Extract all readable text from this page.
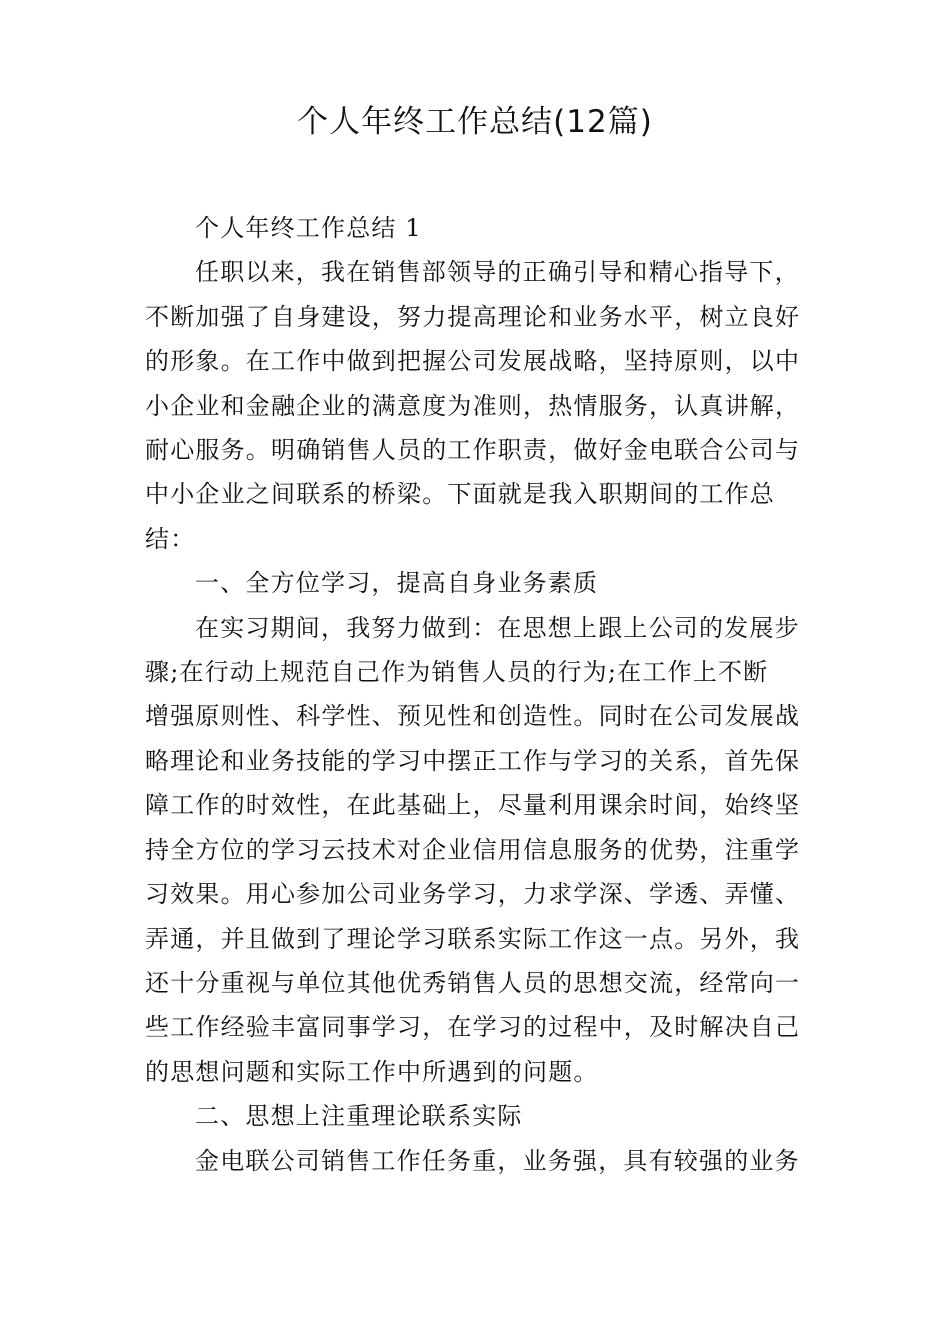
个人年终工作总结(12篇)

个人年终工作总结 1

任职以来，我在销售部领导的正确引导和精心指导下，

不断加强了自身建设，努力提高理论和业务水平，树立良好

的形象。在工作中做到把握公司发展战略，坚持原则，以中

小企业和金融企业的满意度为准则，热情服务，认真讲解，

耐心服务。明确销售人员的工作职责，做好金电联合公司与

中小企业之间联系的桥梁。下面就是我入职期间的工作总

结：

一、全方位学习，提高自身业务素质

在实习期间，我努力做到：在思想上跟上公司的发展步

骤;在行动上规范自己作为销售人员的行为;在工作上不断

增强原则性、科学性、预见性和创造性。同时在公司发展战

略理论和业务技能的学习中摆正工作与学习的关系，首先保

障工作的时效性，在此基础上，尽量利用课余时间，始终坚

持全方位的学习云技术对企业信用信息服务的优势，注重学

习效果。用心参加公司业务学习，力求学深、学透、弄懂、

弄通，并且做到了理论学习联系实际工作这一点。另外，我

还十分重视与单位其他优秀销售人员的思想交流，经常向一

些工作经验丰富同事学习，在学习的过程中，及时解决自己

的思想问题和实际工作中所遇到的问题。

二、思想上注重理论联系实际

金电联公司销售工作任务重，业务强，具有较强的业务
